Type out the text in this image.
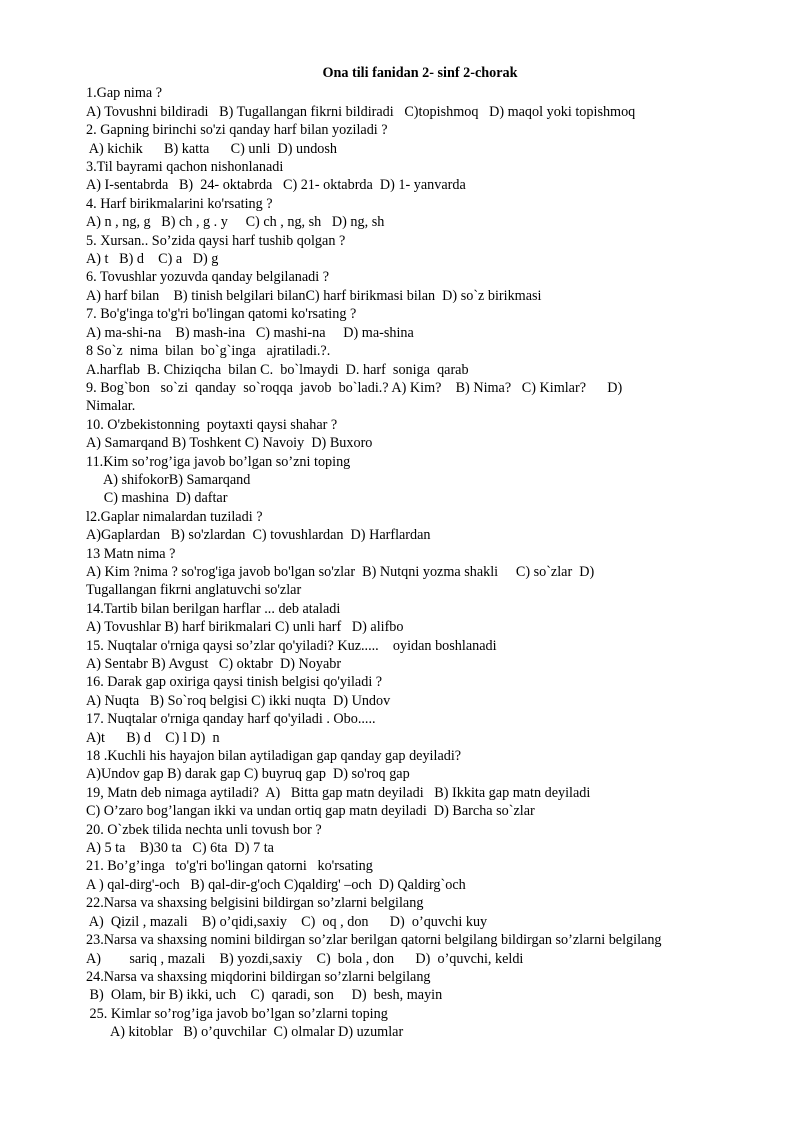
Ona tili fanidan 2- sinf 2-chorak
1.Gap nima ?
A) Tovushni bildiradi   B) Tugallangan fikrni bildiradi   C)topishmoq   D) maqol yoki topishmoq
2. Gapning birinchi so'zi qanday harf bilan yoziladi ?
A) kichik      B) katta      C) unli  D) undosh
3.Til bayrami qachon nishonlanadi
A) I-sentabrda   B)  24- oktabrda   C) 21- oktabrda  D) 1- yanvarda
4. Harf birikmalarini ko'rsating ?
A) n , ng, g   B) ch , g . y     C) ch , ng, sh   D) ng, sh
5. Xursan.. So’zida qaysi harf tushib qolgan ?
A) t   B) d    C) a   D) g
6. Tovushlar yozuvda qanday belgilanadi ?
A) harf bilan    B) tinish belgilari bilanC) harf birikmasi bilan  D) so`z birikmasi
7. Bo'g'inga to'g'ri bo'lingan qatomi ko'rsating ?
A) ma-shi-na    B) mash-ina   C) mashi-na     D) ma-shina
8 So`z  nima  bilan  bo`g`inga   ajratiladi.?.
A.harflab  B. Chiziqcha  bilan C.  bo`lmaydi  D. harf  soniga  qarab
9. Bog`bon   so`zi  qanday  so`roqqa  javob  bo`ladi.? A) Kim?    B) Nima?   C) Kimlar?      D)
Nimalar.
10. O'zbekistonning  poytaxti qaysi shahar ?
A) Samarqand B) Toshkent C) Navoiy  D) Buxoro
11.Kim so’rog’iga javob bo’lgan so’zni toping
A) shifokorB) Samarqand
C) mashina  D) daftar
l2.Gaplar nimalardan tuziladi ?
A)Gaplardan   B) so'zlardan  C) tovushlardan  D) Harflardan
13 Matn nima ?
A) Kim ?nima ? so'rog'iga javob bo'lgan so'zlar  B) Nutqni yozma shakli     C) so`zlar  D)
Tugallangan fikrni anglatuvchi so'zlar
14.Tartib bilan berilgan harflar ... deb ataladi
A) Tovushlar B) harf birikmalari C) unli harf   D) alifbo
15. Nuqtalar o'rniga qaysi so’zlar qo'yiladi? Kuz.....    oyidan boshlanadi
A) Sentabr B) Avgust   C) oktabr  D) Noyabr
16. Darak gap oxiriga qaysi tinish belgisi qo'yiladi ?
A) Nuqta   B) So`roq belgisi C) ikki nuqta  D) Undov
17. Nuqtalar o'rniga qanday harf qo'yiladi . Obo.....
A)t      B) d    C) l D)  n
18 .Kuchli his hayajon bilan aytiladigan gap qanday gap deyiladi?
A)Undov gap B) darak gap C) buyruq gap  D) so'roq gap
19, Matn deb nimaga aytiladi?  A)   Bitta gap matn deyiladi   B) Ikkita gap matn deyiladi
C) O’zaro bog’langan ikki va undan ortiq gap matn deyiladi  D) Barcha so`zlar
20. O`zbek tilida nechta unli tovush bor ?
A) 5 ta    B)30 ta   C) 6ta  D) 7 ta
21. Bo’g’inga   to'g'ri bo'lingan qatorni   ko'rsating
A ) qal-dirg'-och   B) qal-dir-g'och C)qaldirg' –och  D) Qaldirg`och
22.Narsa va shaxsing belgisini bildirgan so’zlarni belgilang
A)  Qizil , mazali    B) o’qidi,saxiy    C)  oq , don      D)  o’quvchi kuy
23.Narsa va shaxsing nomini bildirgan so’zlar berilgan qatorni belgilang bildirgan so’zlarni belgilang
A)        sariq , mazali    B) yozdi,saxiy    C)  bola , don      D)  o’quvchi, keldi
24.Narsa va shaxsing miqdorini bildirgan so’zlarni belgilang
B)  Olam, bir B) ikki, uch    C)  qaradi, son     D)  besh, mayin
25. Kimlar so’rog’iga javob bo’lgan so’zlarni toping
A) kitoblar   B) o’quvchilar  C) olmalar D) uzumlar
